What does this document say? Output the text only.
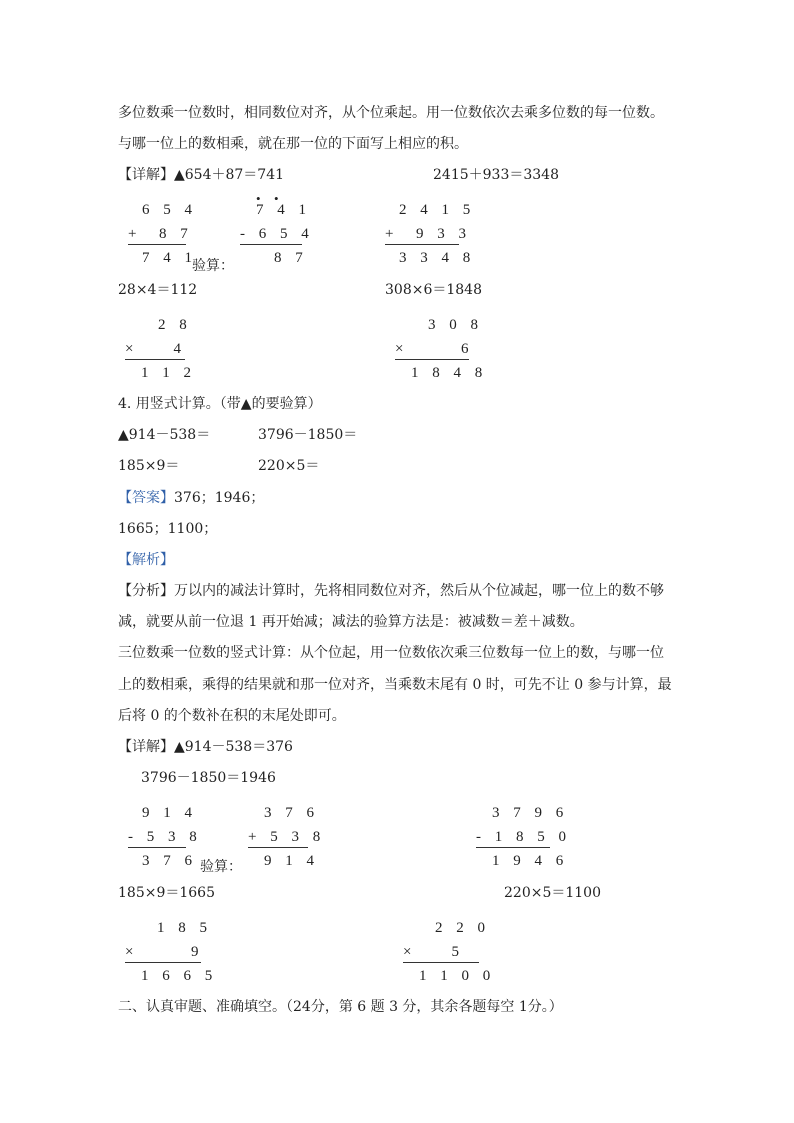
多位数乘一位数时，相同数位对齐，从个位乘起。用一位数依次去乘多位数的每一位数。
与哪一位上的数相乘，就在那一位的下面写上相应的积。
【详解】▲654＋87＝741	2415＋933＝3348
6 5 4
+  8 7
7 4 1
验算：
• •
7 4 1
- 6 5 4
8 7
2 4 1 5
+  9 3 3
3 3 4 8
28×4＝112	308×6＝1848
2 8
×    4
1 1 2
3 0 8
×      6
1 8 4 8
4. 用竖式计算。（带▲的要验算）
▲914－538＝	3796－1850＝
185×9＝	220×5＝
【答案】376；1946；
1665；1100；
【解析】
【分析】万以内的减法计算时，先将相同数位对齐，然后从个位减起，哪一位上的数不够
减，就要从前一位退 1 再开始减；减法的验算方法是：被减数＝差＋减数。
三位数乘一位数的竖式计算：从个位起，用一位数依次乘三位数每一位上的数，与哪一位
上的数相乘，乘得的结果就和那一位对齐，当乘数末尾有 0 时，可先不让 0 参与计算，最
后将 0 的个数补在积的末尾处即可。
【详解】▲914－538＝376
3796－1850＝1946
9 1 4
- 5 3 8
3 7 6 验算：
3 7 6
+ 5 3 8
9 1 4
3 7 9 6
- 1 8 5 0
1 9 4 6
185×9＝1665	220×5＝1100
1 8 5
×      9
1 6 6 5
2 2 0
×    5
1 1 0 0
二、认真审题、准确填空。（24分，第 6 题 3 分，其余各题每空 1分。）
